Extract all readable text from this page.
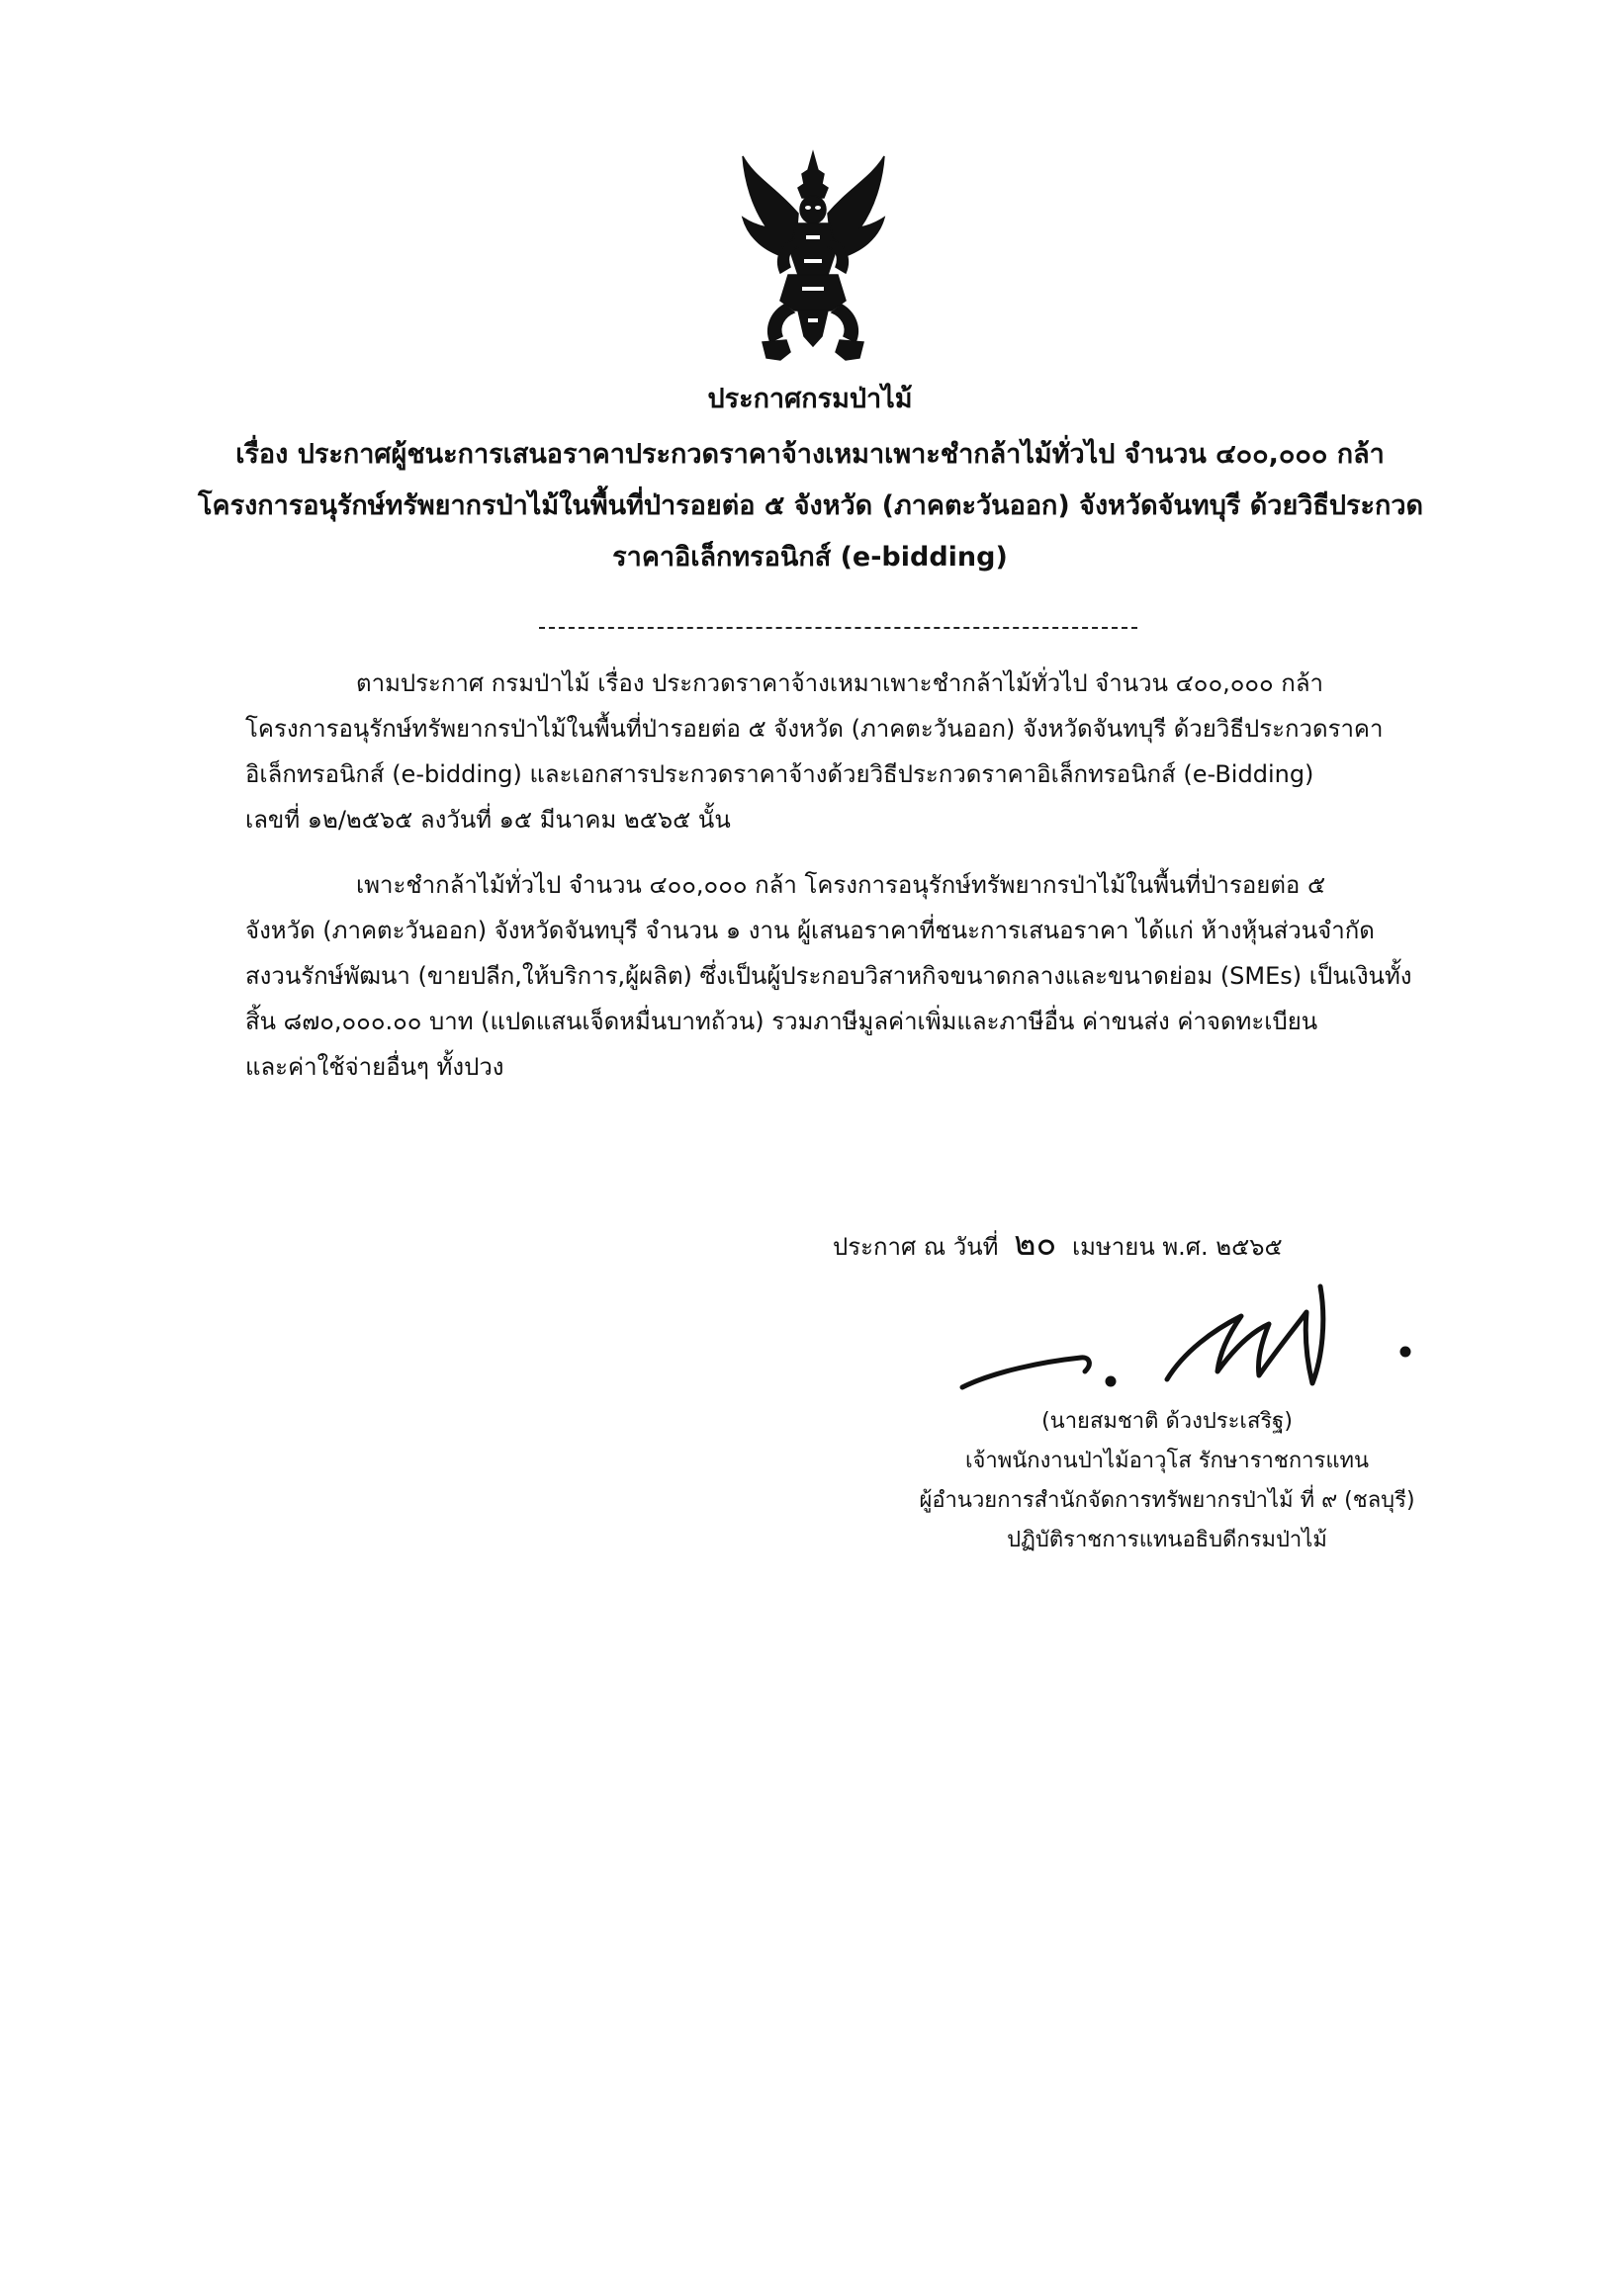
ประกาศกรมป่าไม้

เรื่อง ประกาศผู้ชนะการเสนอราคาประกวดราคาจ้างเหมาเพาะชำกล้าไม้ทั่วไป จำนวน ๔๐๐,๐๐๐ กล้า

โครงการอนุรักษ์ทรัพยากรป่าไม้ในพื้นที่ป่ารอยต่อ ๕ จังหวัด (ภาคตะวันออก) จังหวัดจันทบุรี ด้วยวิธีประกวด

ราคาอิเล็กทรอนิกส์ (e-bidding)

ตามประกาศ กรมป่าไม้ เรื่อง ประกวดราคาจ้างเหมาเพาะชำกล้าไม้ทั่วไป จำนวน ๔๐๐,๐๐๐ กล้า

โครงการอนุรักษ์ทรัพยากรป่าไม้ในพื้นที่ป่ารอยต่อ ๕ จังหวัด (ภาคตะวันออก) จังหวัดจันทบุรี ด้วยวิธีประกวดราคา

อิเล็กทรอนิกส์ (e-bidding) และเอกสารประกวดราคาจ้างด้วยวิธีประกวดราคาอิเล็กทรอนิกส์ (e-Bidding)

เลขที่ ๑๒/๒๕๖๕ ลงวันที่ ๑๕ มีนาคม ๒๕๖๕ นั้น

เพาะชำกล้าไม้ทั่วไป จำนวน ๔๐๐,๐๐๐ กล้า โครงการอนุรักษ์ทรัพยากรป่าไม้ในพื้นที่ป่ารอยต่อ ๕

จังหวัด (ภาคตะวันออก) จังหวัดจันทบุรี จำนวน ๑ งาน ผู้เสนอราคาที่ชนะการเสนอราคา ได้แก่ ห้างหุ้นส่วนจำกัด

สงวนรักษ์พัฒนา (ขายปลีก,ให้บริการ,ผู้ผลิต) ซึ่งเป็นผู้ประกอบวิสาหกิจขนาดกลางและขนาดย่อม (SMEs) เป็นเงินทั้ง

สิ้น ๘๗๐,๐๐๐.๐๐ บาท (แปดแสนเจ็ดหมื่นบาทถ้วน) รวมภาษีมูลค่าเพิ่มและภาษีอื่น ค่าขนส่ง ค่าจดทะเบียน

และค่าใช้จ่ายอื่นๆ ทั้งปวง

ประกาศ ณ วันที่ ๒๐ เมษายน พ.ศ. ๒๕๖๕

(นายสมชาติ ด้วงประเสริฐ)

เจ้าพนักงานป่าไม้อาวุโส รักษาราชการแทน

ผู้อำนวยการสำนักจัดการทรัพยากรป่าไม้ ที่ ๙ (ชลบุรี)

ปฏิบัติราชการแทนอธิบดีกรมป่าไม้
